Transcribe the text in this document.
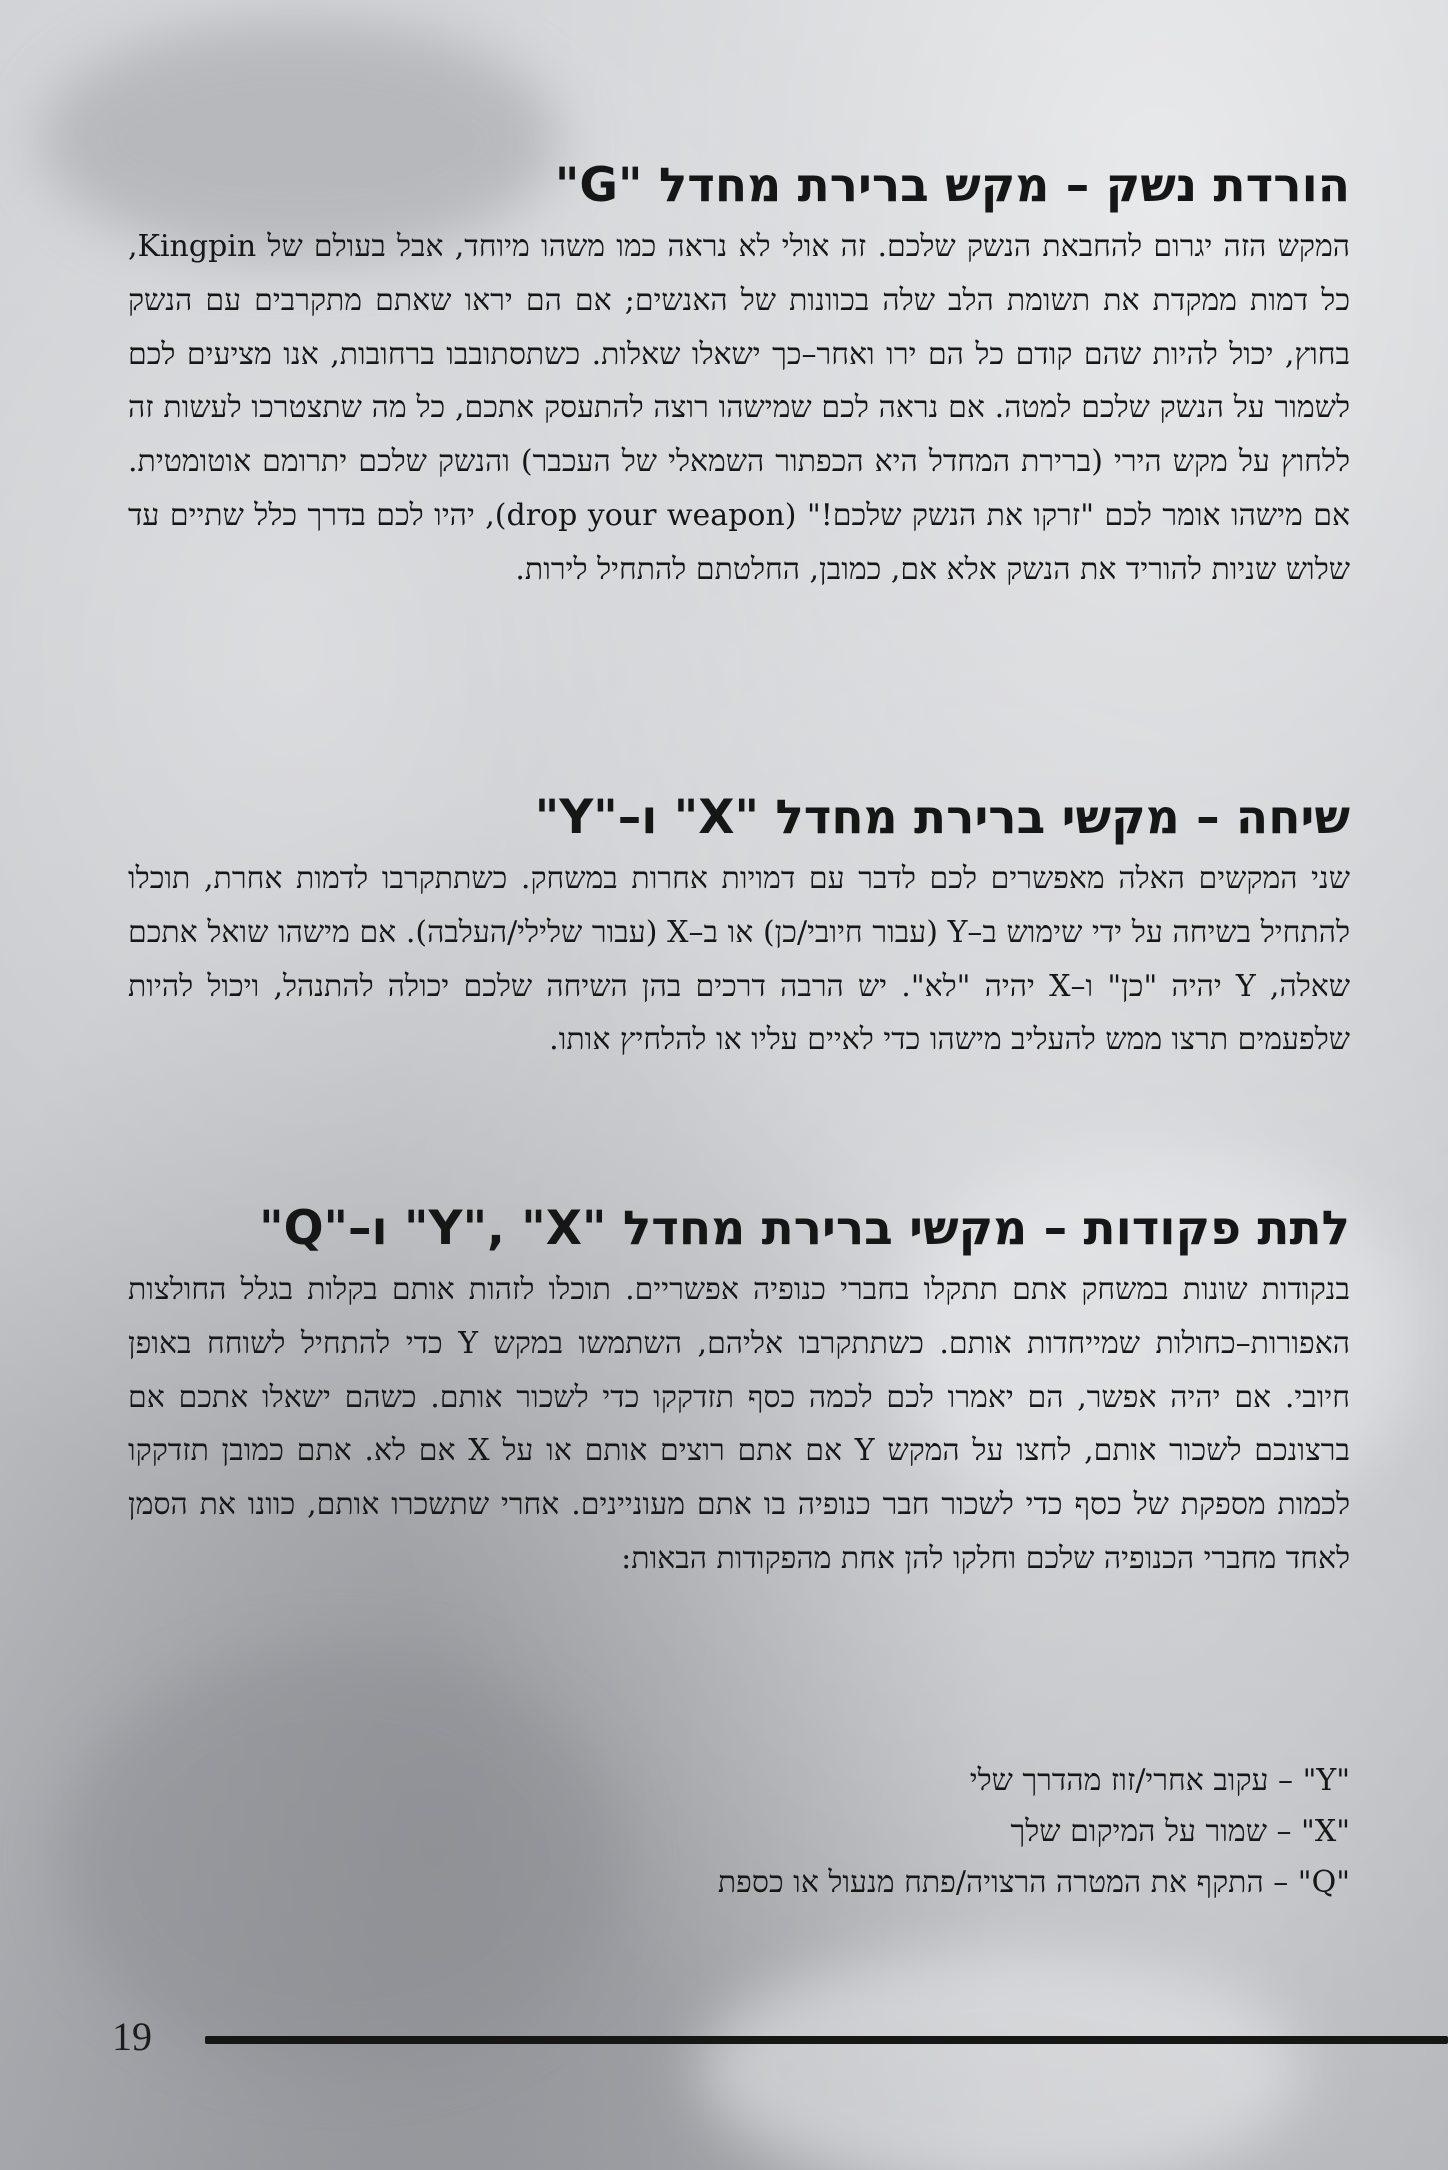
הורדת נשק – מקש ברירת מחדל "G"

המקש הזה יגרום להחבאת הנשק שלכם. זה אולי לא נראה כמו משהו מיוחד, אבל בעולם של Kingpin, כל דמות ממקדת את תשומת הלב שלה בכוונות של האנשים; אם הם יראו שאתם מתקרבים עם הנשק בחוץ, יכול להיות שהם קודם כל הם ירו ואחר–כך ישאלו שאלות. כשתסתובבו ברחובות, אנו מציעים לכם לשמור על הנשק שלכם למטה. אם נראה לכם שמישהו רוצה להתעסק אתכם, כל מה שתצטרכו לעשות זה ללחוץ על מקש הירי (ברירת המחדל היא הכפתור השמאלי של העכבר) והנשק שלכם יתרומם אוטומטית. אם מישהו אומר לכם "זרקו את הנשק שלכם!" (drop your weapon), יהיו לכם בדרך כלל שתיים עד שלוש שניות להוריד את הנשק אלא אם, כמובן, החלטתם להתחיל לירות.

שיחה – מקשי ברירת מחדל "X" ו–"Y"

שני המקשים האלה מאפשרים לכם לדבר עם דמויות אחרות במשחק. כשתתקרבו לדמות אחרת, תוכלו להתחיל בשיחה על ידי שימוש ב–Y (עבור חיובי/כן) או ב–X (עבור שלילי/העלבה). אם מישהו שואל אתכם שאלה, Y יהיה "כן" ו–X יהיה "לא". יש הרבה דרכים בהן השיחה שלכם יכולה להתנהל, ויכול להיות שלפעמים תרצו ממש להעליב מישהו כדי לאיים עליו או להלחיץ אותו.

לתת פקודות – מקשי ברירת מחדל "Y", "X" ו–"Q"

בנקודות שונות במשחק אתם תתקלו בחברי כנופיה אפשריים. תוכלו לזהות אותם בקלות בגלל החולצות האפורות–כחולות שמייחדות אותם. כשתתקרבו אליהם, השתמשו במקש Y כדי להתחיל לשוחח באופן חיובי. אם יהיה אפשר, הם יאמרו לכם לכמה כסף תזדקקו כדי לשכור אותם. כשהם ישאלו אתכם אם ברצונכם לשכור אותם, לחצו על המקש Y אם אתם רוצים אותם או על X אם לא. אתם כמובן תזדקקו לכמות מספקת של כסף כדי לשכור חבר כנופיה בו אתם מעוניינים. אחרי שתשכרו אותם, כוונו את הסמן לאחד מחברי הכנופיה שלכם וחלקו להן אחת מהפקודות הבאות:

"Y" – עקוב אחרי/זוז מהדרך שלי
"X" – שמור על המיקום שלך
"Q" – התקף את המטרה הרצויה/פתח מנעול או כספת
19
